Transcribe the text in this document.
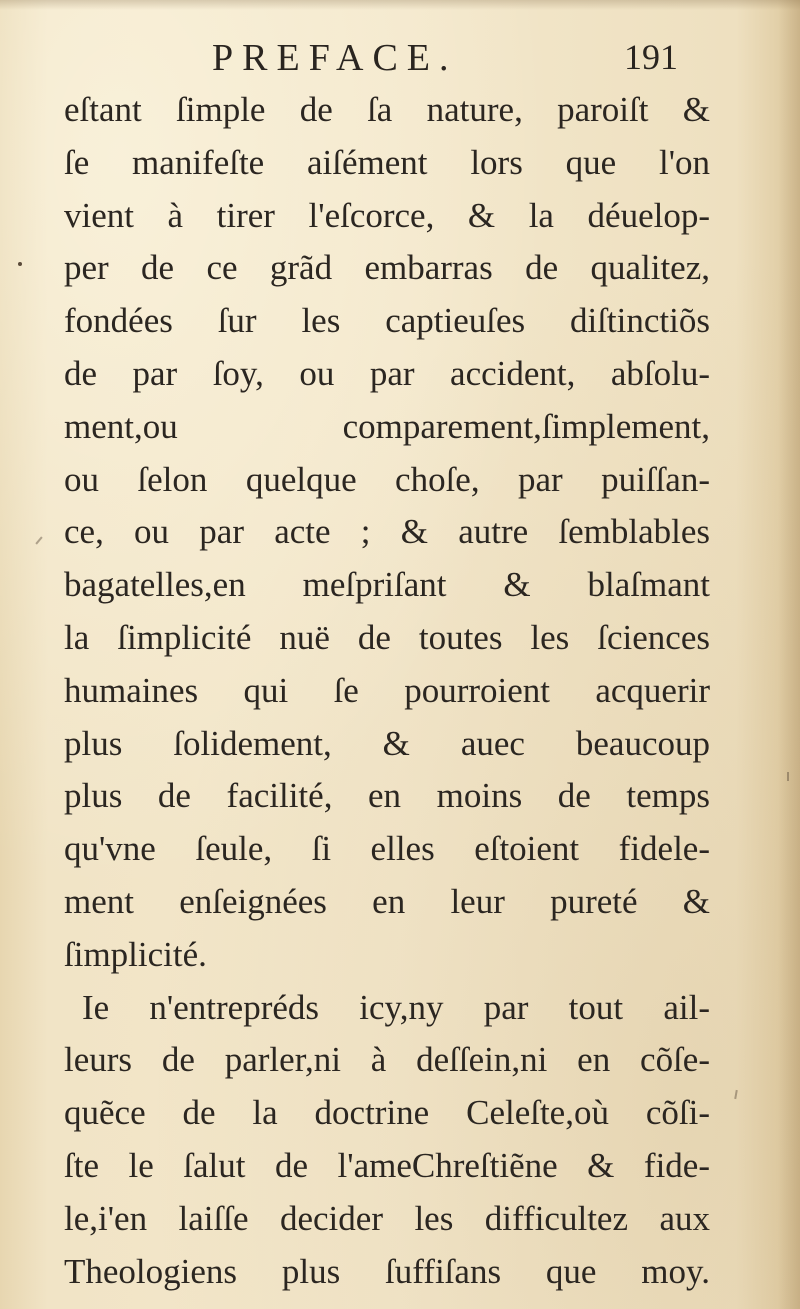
PREFACE.	191
eſtant ſimple de ſa nature, paroiſt &
ſe manifeſte aiſément lors que l'on
vient à tirer l'eſcorce, & la déuelop-
per de ce grãd embarras de qualitez,
fondées ſur les captieuſes diſtinctiõs
de par ſoy, ou par accident, abſolu-
ment,ou comparement,ſimplement,
ou ſelon quelque choſe, par puiſſan-
ce, ou par acte ; & autre ſemblables
bagatelles,en meſpriſant & blaſmant
la ſimplicité nuë de toutes les ſciences
humaines qui ſe pourroient acquerir
plus ſolidement, & auec beaucoup
plus de facilité, en moins de temps
qu'vne ſeule, ſi elles eſtoient fidele-
ment enſeignées en leur pureté &
ſimplicité.
Ie n'entrepréds icy,ny par tout ail-
leurs de parler,ni à deſſein,ni en cõſe-
quẽce de la doctrine Celeſte,où cõſi-
ſte le ſalut de l'ameChreſtiẽne & fide-
le,i'en laiſſe decider les difficultez aux
Theologiens plus ſuffiſans que moy.
